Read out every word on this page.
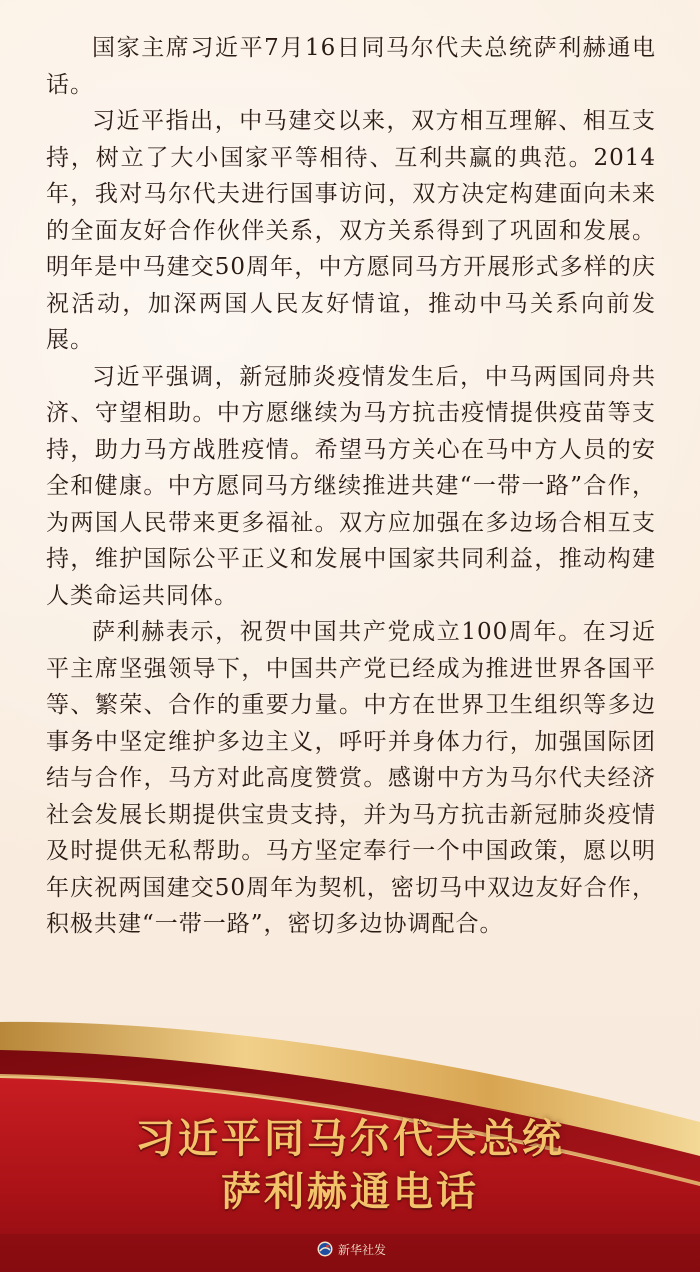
国家主席习近平7月16日同马尔代夫总统萨利赫通电话。

习近平指出，中马建交以来，双方相互理解、相互支持，树立了大小国家平等相待、互利共赢的典范。2014年，我对马尔代夫进行国事访问，双方决定构建面向未来的全面友好合作伙伴关系，双方关系得到了巩固和发展。明年是中马建交50周年，中方愿同马方开展形式多样的庆祝活动，加深两国人民友好情谊，推动中马关系向前发展。

习近平强调，新冠肺炎疫情发生后，中马两国同舟共济、守望相助。中方愿继续为马方抗击疫情提供疫苗等支持，助力马方战胜疫情。希望马方关心在马中方人员的安全和健康。中方愿同马方继续推进共建“一带一路”合作，为两国人民带来更多福祉。双方应加强在多边场合相互支持，维护国际公平正义和发展中国家共同利益，推动构建人类命运共同体。

萨利赫表示，祝贺中国共产党成立100周年。在习近平主席坚强领导下，中国共产党已经成为推进世界各国平等、繁荣、合作的重要力量。中方在世界卫生组织等多边事务中坚定维护多边主义，呼吁并身体力行，加强国际团结与合作，马方对此高度赞赏。感谢中方为马尔代夫经济社会发展长期提供宝贵支持，并为马方抗击新冠肺炎疫情及时提供无私帮助。马方坚定奉行一个中国政策，愿以明年庆祝两国建交50周年为契机，密切马中双边友好合作，积极共建“一带一路”，密切多边协调配合。

习近平同马尔代夫总统
萨利赫通电话
新华社发
